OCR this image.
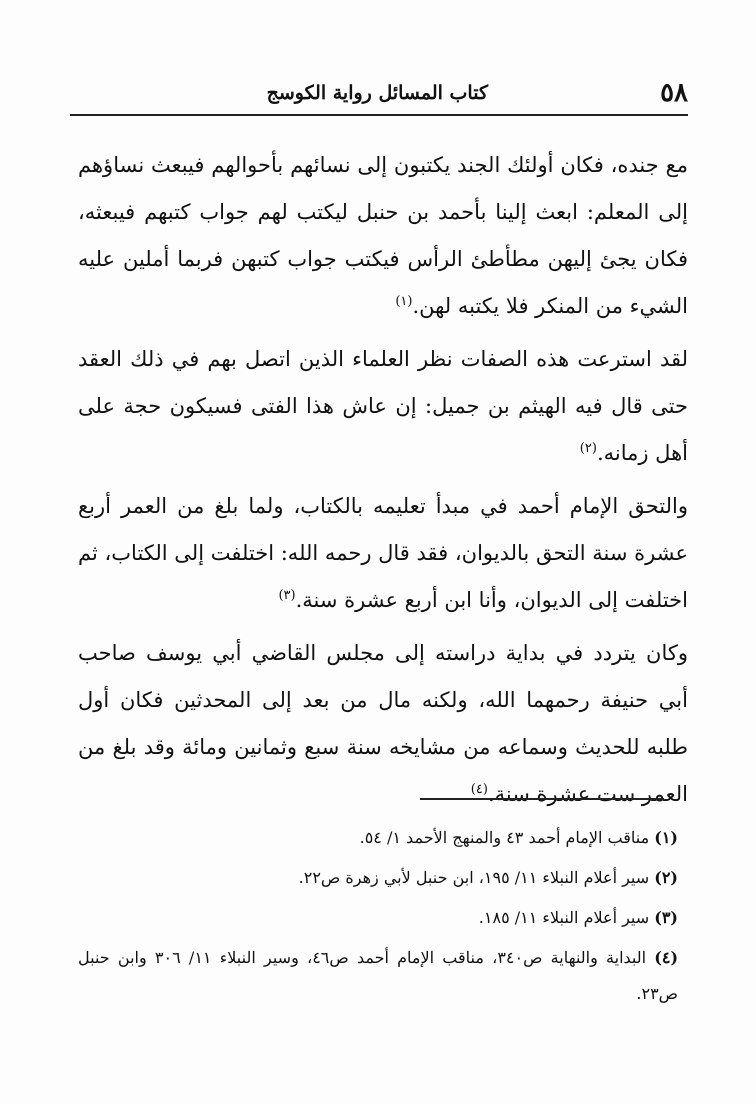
٥٨
كتاب المسائل رواية الكوسج

مع جنده، فكان أولئك الجند يكتبون إلى نسائهم بأحوالهم فيبعث نساؤهم إلى المعلم: ابعث إلينا بأحمد بن حنبل ليكتب لهم جواب كتبهم فيبعثه، فكان يجئ إليهن مطأطئ الرأس فيكتب جواب كتبهن فربما أملين عليه الشيء من المنكر فلا يكتبه لهن.$^{(١)}$

لقد استرعت هذه الصفات نظر العلماء الذين اتصل بهم في ذلك العقد حتى قال فيه الهيثم بن جميل: إن عاش هذا الفتى فسيكون حجة على أهل زمانه.$^{(٢)}$

والتحق الإمام أحمد في مبدأ تعليمه بالكتاب، ولما بلغ من العمر أربع عشرة سنة التحق بالديوان، فقد قال رحمه الله: اختلفت إلى الكتاب، ثم اختلفت إلى الديوان، وأنا ابن أربع عشرة سنة.$^{(٣)}$

وكان يتردد في بداية دراسته إلى مجلس القاضي أبي يوسف صاحب أبي حنيفة رحمهما الله، ولكنه مال من بعد إلى المحدثين فكان أول طلبه للحديث وسماعه من مشايخه سنة سبع وثمانين ومائة وقد بلغ من العمر ست عشرة سنة.$^{(٤)}$

(١) مناقب الإمام أحمد ٤٣ والمنهج الأحمد ١/ ٥٤.

(٢) سير أعلام النبلاء ١١/ ١٩٥، ابن حنبل لأبي زهرة ص٢٢.

(٣) سير أعلام النبلاء ١١/ ١٨٥.

(٤) البداية والنهاية ص٣٤٠، مناقب الإمام أحمد ص٤٦، وسير النبلاء ١١/ ٣٠٦ وابن حنبل ص٢٣.
